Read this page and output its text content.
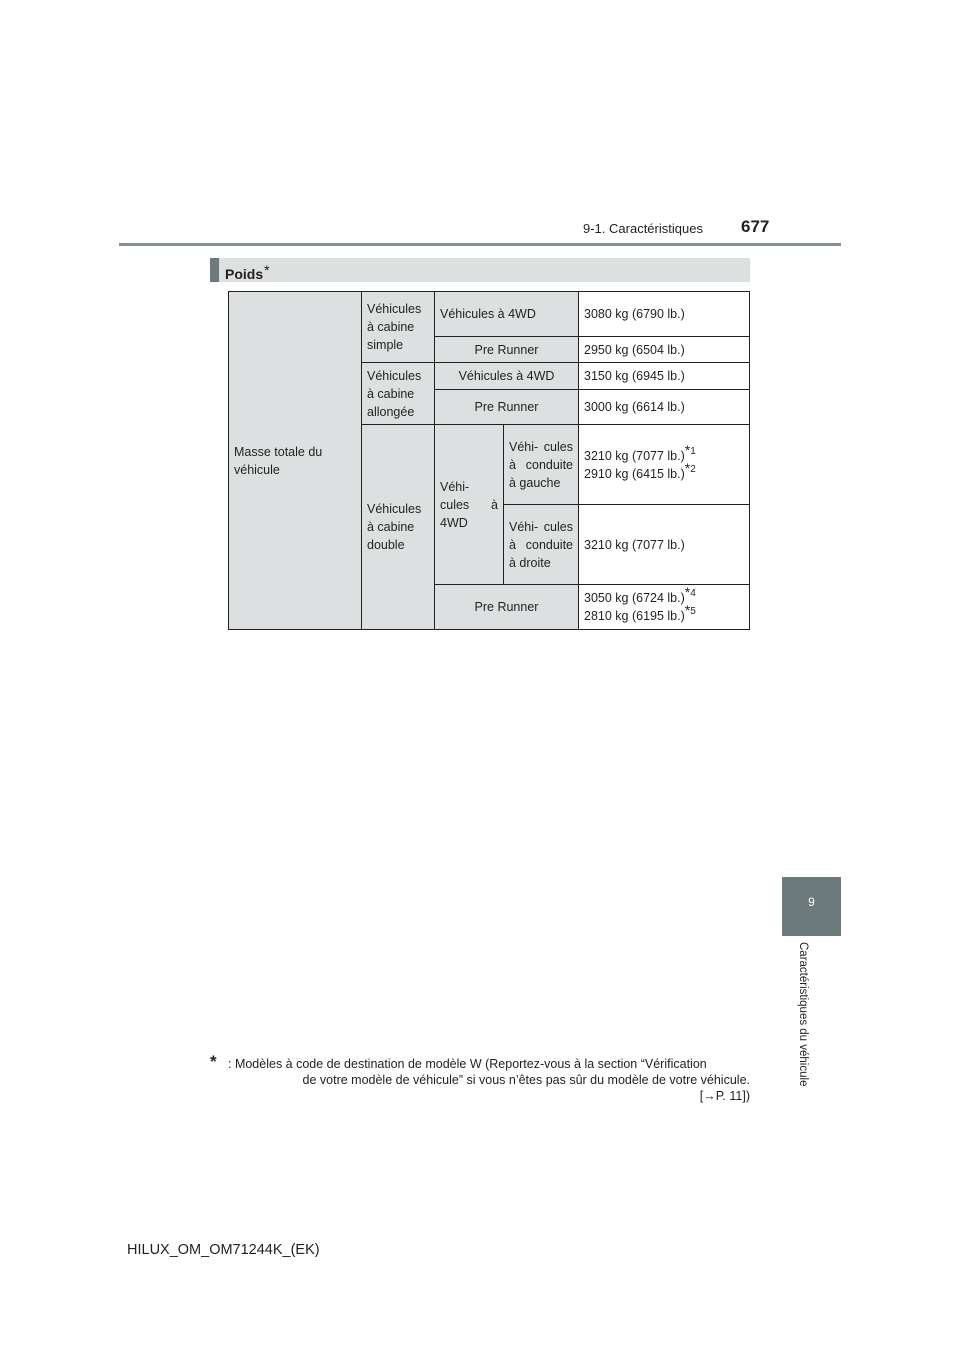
9-1. Caractéristiques 677
9
Caractéristiques du véhicule
Poids*
Masse totale du véhicule	Véhicules à cabine simple	Véhicules à 4WD		3080 kg (6790 lb.)
		Pre Runner		2950 kg (6504 lb.)
	Véhicules à cabine allongée	Véhicules à 4WD		3150 kg (6945 lb.)
		Pre Runner		3000 kg (6614 lb.)
	Véhicules à cabine double	Véhi- cules à 4WD	Véhi- cules à conduite à gauche	3210 kg (7077 lb.)$^{*1}$
2910 kg (6415 lb.)$^{*2}$

			Véhi- cules à conduite à droite	3210 kg (7077 lb.)
		Pre Runner		3050 kg (6724 lb.)$^{*4}$
2810 kg (6195 lb.)$^{*5}$
* : Modèles à code de destination de modèle W (Reportez-vous à la section “Vérification
de votre modèle de véhicule” si vous n’êtes pas sûr du modèle de votre véhicule.
[→P. 11])
HILUX_OM_OM71244K_(EK)
